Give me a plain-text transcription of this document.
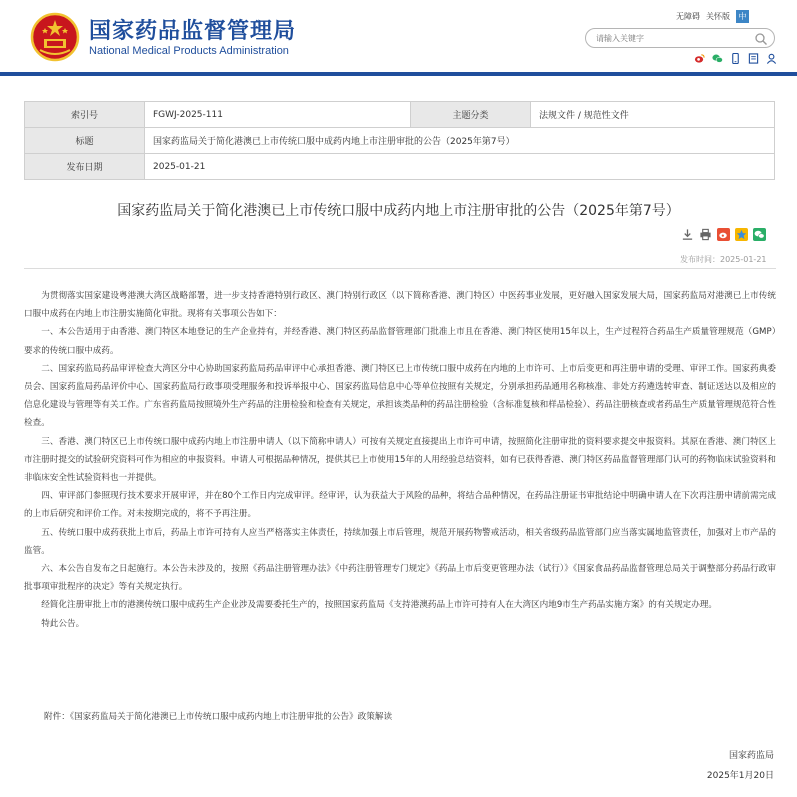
国家药品监督管理局
National Medical Products Administration
无障碍 关怀版	中
请输入关键字
索引号	FGWJ-2025-111	主题分类	法规文件 / 规范性文件
标题	国家药监局关于简化港澳已上市传统口服中成药内地上市注册审批的公告（2025年第7号）		
发布日期	2025-01-21		
国家药监局关于简化港澳已上市传统口服中成药内地上市注册审批的公告（2025年第7号）
发布时间：2025-01-21

为贯彻落实国家建设粤港澳大湾区战略部署，进一步支持香港特别行政区、澳门特别行政区（以下简称香港、澳门特区）中医药事业发展，更好融入国家发展大局，国家药监局对港澳已上市传统口服中成药在内地上市注册实施简化审批。现将有关事项公告如下：

一、本公告适用于由香港、澳门特区本地登记的生产企业持有，并经香港、澳门特区药品监督管理部门批准上市且在香港、澳门特区使用15年以上，生产过程符合药品生产质量管理规范（GMP）要求的传统口服中成药。

二、国家药监局药品审评检查大湾区分中心协助国家药监局药品审评中心承担香港、澳门特区已上市传统口服中成药在内地的上市许可、上市后变更和再注册申请的受理、审评工作。国家药典委员会、国家药监局药品评价中心、国家药监局行政事项受理服务和投诉举报中心、国家药监局信息中心等单位按照有关规定，分别承担药品通用名称核准、非处方药遴选转审查、制证送达以及相应的信息化建设与管理等有关工作。广东省药监局按照境外生产药品的注册检验和检查有关规定，承担该类品种的药品注册检验（含标准复核和样品检验）、药品注册核查或者药品生产质量管理规范符合性检查。

三、香港、澳门特区已上市传统口服中成药内地上市注册申请人（以下简称申请人）可按有关规定直接提出上市许可申请，按照简化注册审批的资料要求提交申报资料。其原在香港、澳门特区上市注册时提交的试验研究资料可作为相应的申报资料。申请人可根据品种情况，提供其已上市使用15年的人用经验总结资料，如有已获得香港、澳门特区药品监督管理部门认可的药物临床试验资料和非临床安全性试验资料也一并提供。

四、审评部门参照现行技术要求开展审评，并在80个工作日内完成审评。经审评，认为获益大于风险的品种，将结合品种情况，在药品注册证书审批结论中明确申请人在下次再注册申请前需完成的上市后研究和评价工作。对未按期完成的，将不予再注册。

五、传统口服中成药获批上市后，药品上市许可持有人应当严格落实主体责任，持续加强上市后管理，规范开展药物警戒活动，相关省级药品监管部门应当落实属地监管责任，加强对上市产品的监管。

六、本公告自发布之日起施行。本公告未涉及的，按照《药品注册管理办法》《中药注册管理专门规定》《药品上市后变更管理办法（试行）》《国家食品药品监督管理总局关于调整部分药品行政审批事项审批程序的决定》等有关规定执行。

经简化注册审批上市的港澳传统口服中成药生产企业涉及需要委托生产的，按照国家药监局《支持港澳药品上市许可持有人在大湾区内地9市生产药品实施方案》的有关规定办理。

特此公告。

附件：《国家药监局关于简化港澳已上市传统口服中成药内地上市注册审批的公告》政策解读
国家药监局
2025年1月20日
